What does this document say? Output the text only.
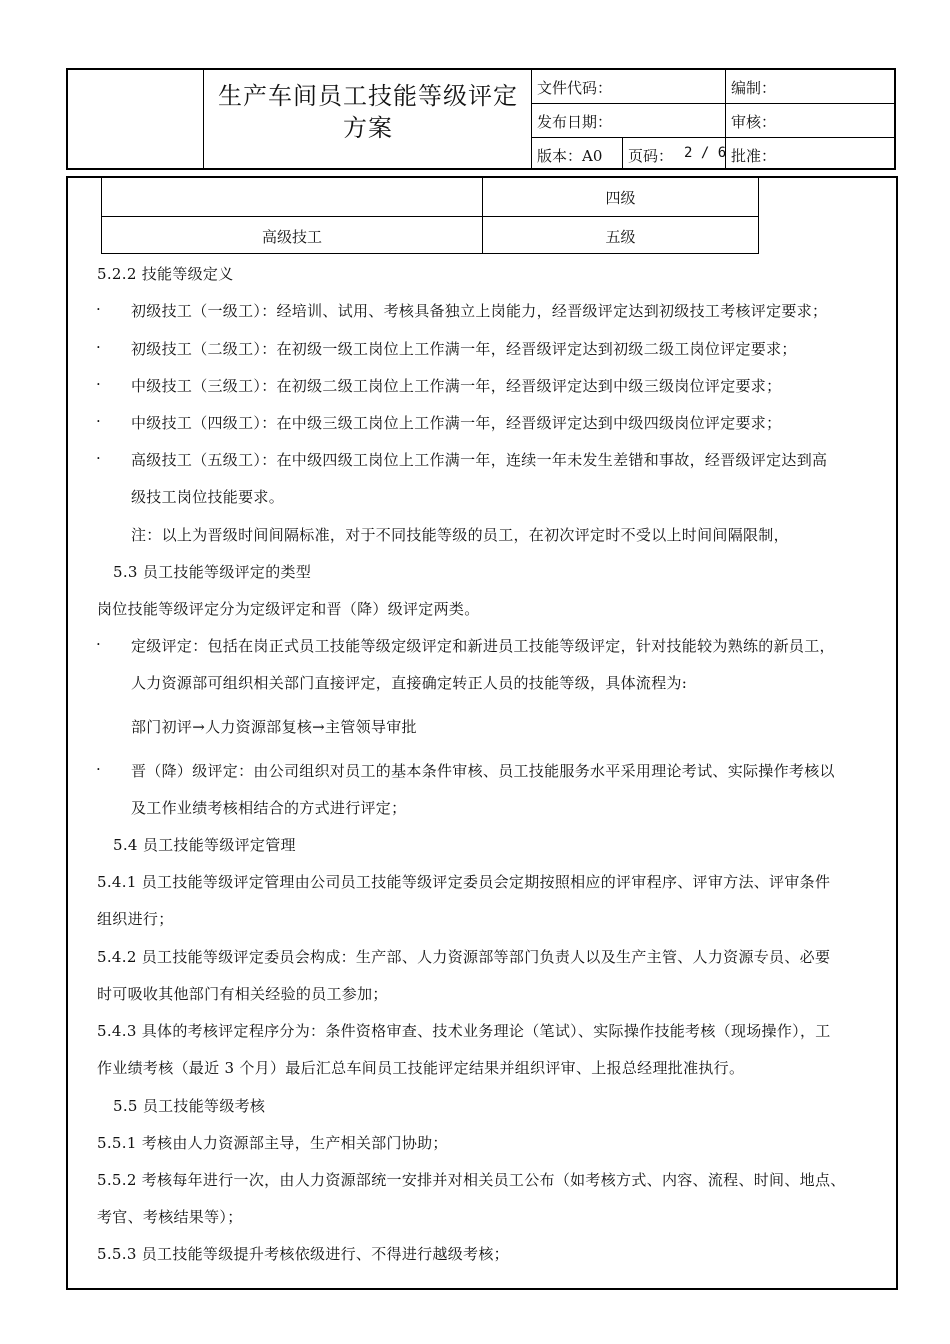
生产车间员工技能等级评定
方案
文件代码：
发布日期：
版本：A0 页码： 2 / 6
编制：
审核：
批准：
四级
高级技工	五级
5.2.2 技能等级定义
· 初级技工（一级工）：经培训、试用、考核具备独立上岗能力，经晋级评定达到初级技工考核评定要求；
· 初级技工（二级工）：在初级一级工岗位上工作满一年，经晋级评定达到初级二级工岗位评定要求；
· 中级技工（三级工）：在初级二级工岗位上工作满一年，经晋级评定达到中级三级岗位评定要求；
· 中级技工（四级工）：在中级三级工岗位上工作满一年，经晋级评定达到中级四级岗位评定要求；
· 高级技工（五级工）：在中级四级工岗位上工作满一年，连续一年未发生差错和事故，经晋级评定达到高
级技工岗位技能要求。
注：以上为晋级时间间隔标准，对于不同技能等级的员工，在初次评定时不受以上时间间隔限制，
5.3 员工技能等级评定的类型
岗位技能等级评定分为定级评定和晋（降）级评定两类。
· 定级评定：包括在岗正式员工技能等级定级评定和新进员工技能等级评定，针对技能较为熟练的新员工，
人力资源部可组织相关部门直接评定，直接确定转正人员的技能等级，具体流程为:
部门初评→人力资源部复核→主管领导审批
· 晋（降）级评定：由公司组织对员工的基本条件审核、员工技能服务水平采用理论考试、实际操作考核以
及工作业绩考核相结合的方式进行评定；
5.4 员工技能等级评定管理
5.4.1 员工技能等级评定管理由公司员工技能等级评定委员会定期按照相应的评审程序、评审方法、评审条件
组织进行；
5.4.2 员工技能等级评定委员会构成：生产部、人力资源部等部门负责人以及生产主管、人力资源专员、必要
时可吸收其他部门有相关经验的员工参加；
5.4.3 具体的考核评定程序分为：条件资格审查、技术业务理论（笔试）、实际操作技能考核（现场操作），工
作业绩考核（最近 3 个月）最后汇总车间员工技能评定结果并组织评审、上报总经理批准执行。
5.5 员工技能等级考核
5.5.1 考核由人力资源部主导，生产相关部门协助；
5.5.2 考核每年进行一次，由人力资源部统一安排并对相关员工公布（如考核方式、内容、流程、时间、地点、
考官、考核结果等）；
5.5.3 员工技能等级提升考核依级进行、不得进行越级考核；
